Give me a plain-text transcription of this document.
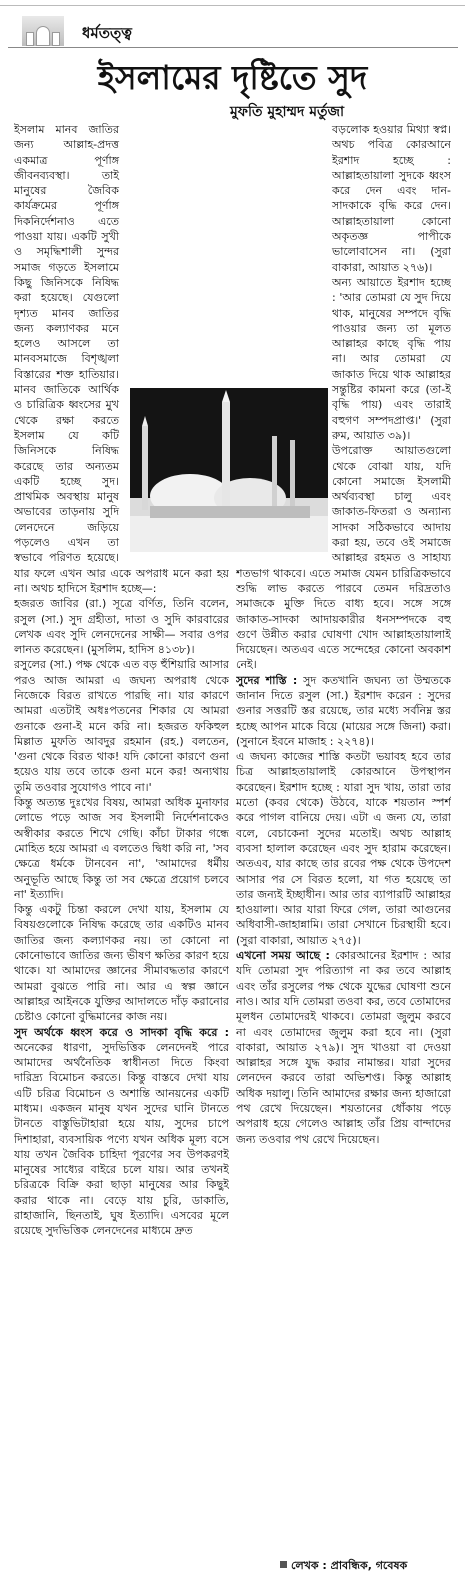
ধর্মতত্ত্ব
ইসলামের দৃষ্টিতে সুদ
মুফতি মুহাম্মদ মর্তুজা

ইসলাম মানব জাতির জন্য আল্লাহ-প্রদত্ত একমাত্র পূর্ণাঙ্গ জীবনব্যবস্থা। তাই মানুষের জৈবিক কার্যক্রমের পূর্ণাঙ্গ দিকনির্দেশনাও এতে পাওয়া যায়। একটি সুখী ও সমৃদ্ধিশালী সুন্দর সমাজ গড়তে ইসলামে কিছু জিনিসকে নিষিদ্ধ করা হয়েছে। যেগুলো দৃশ্যত মানব জাতির জন্য কল্যাণকর মনে হলেও আসলে তা মানবসমাজে বিশৃঙ্খলা বিস্তারের শক্ত হাতিয়ার। মানব জাতিকে আর্থিক ও চারিত্রিক ধ্বংসের মুখ থেকে রক্ষা করতে ইসলাম যে কটি জিনিসকে নিষিদ্ধ করেছে তার অন্যতম একটি হচ্ছে সুদ। প্রাথমিক অবস্থায় মানুষ অভাবের তাড়নায় সুদি লেনদেনে জড়িয়ে পড়লেও এখন তা স্বভাবে পরিণত হয়েছে। যার ফলে এখন আর একে অপরাধ মনে করা হয় না। অথচ হাদিসে ইরশাদ হচ্ছে—:

হজরত জাবির (রা.) সূত্রে বর্ণিত, তিনি বলেন, রসুল (সা.) সুদ গ্রহীতা, দাতা ও সুদি কারবারের লেখক এবং সুদি লেনদেনের সাক্ষী— সবার ওপর লানত করেছেন। (মুসলিম, হাদিস ৪১৩৮)।

রসুলের (সা.) পক্ষ থেকে এত বড় হুঁশিয়ারি আসার পরও আজ আমরা এ জঘন্য অপরাধ থেকে নিজেকে বিরত রাখতে পারছি না। যার কারণে আমরা এতটাই অধঃপতনের শিকার যে আমরা গুনাকে গুনা-ই মনে করি না। হজরত ফকিহুল মিল্লাত মুফতি আবদুর রহমান (রহ.) বলতেন, 'গুনা থেকে বিরত থাক! যদি কোনো কারণে গুনা হয়েও যায় তবে তাকে গুনা মনে কর! অন্যথায় তুমি তওবার সুযোগও পাবে না।'

কিন্তু অত্যন্ত দুঃখের বিষয়, আমরা অধিক মুনাফার লোভে পড়ে আজ সব ইসলামী নির্দেশনাকেও অস্বীকার করতে শিখে গেছি। কাঁচা টাকার গন্ধে মোহিত হয়ে আমরা এ বলতেও দ্বিধা করি না, 'সব ক্ষেত্রে ধর্মকে টানবেন না', 'আমাদের ধর্মীয় অনুভূতি আছে কিন্তু তা সব ক্ষেত্রে প্রয়োগ চলবে না' ইত্যাদি।

কিন্তু একটু চিন্তা করলে দেখা যায়, ইসলাম যে বিষয়গুলোকে নিষিদ্ধ করেছে তার একটিও মানব জাতির জন্য কল্যাণকর নয়। তা কোনো না কোনোভাবে জাতির জন্য ভীষণ ক্ষতির কারণ হয়ে থাকে। যা আমাদের জ্ঞানের সীমাবদ্ধতার কারণে আমরা বুঝতে পারি না। আর এ স্বল্প জ্ঞানে আল্লাহর আইনকে যুক্তির আদালতে দাঁড় করানোর চেষ্টাও কোনো বুদ্ধিমানের কাজ নয়।

সুদ অর্থকে ধ্বংস করে ও সাদকা বৃদ্ধি করে : অনেকের ধারণা, সুদভিত্তিক লেনদেনই পারে আমাদের অর্থনৈতিক স্বাধীনতা দিতে কিংবা দারিদ্র্য বিমোচন করতে। কিন্তু বাস্তবে দেখা যায় এটি চরিত্র বিমোচন ও অশান্তি আনয়নের একটি মাধ্যম। একজন মানুষ যখন সুদের ঘানি টানতে টানতে বাস্তুভিটাহারা হয়ে যায়, সুদের চাপে দিশাহারা, ব্যবসায়িক পণ্যে যখন অধিক মূল্য বসে যায় তখন জৈবিক চাহিদা পূরণের সব উপকরণই মানুষের সাধ্যের বাইরে চলে যায়। আর তখনই চরিত্রকে বিক্রি করা ছাড়া মানুষের আর কিছুই করার থাকে না। বেড়ে যায় চুরি, ডাকাতি, রাহাজানি, ছিনতাই, ঘুষ ইত্যাদি। এসবের মূলে রয়েছে সুদভিত্তিক লেনদেনের মাধ্যমে দ্রুত

বড়লোক হওয়ার মিথ্যা স্বপ্ন। অথচ পবিত্র কোরআনে ইরশাদ হচ্ছে : আল্লাহতায়ালা সুদকে ধ্বংস করে দেন এবং দান-সাদকাকে বৃদ্ধি করে দেন। আল্লাহতায়ালা কোনো অকৃতজ্ঞ পাপীকে ভালোবাসেন না। (সুরা বাকারা, আয়াত ২৭৬)।

অন্য আয়াতে ইরশাদ হচ্ছে : 'আর তোমরা যে সুদ দিয়ে থাক, মানুষের সম্পদে বৃদ্ধি পাওয়ার জন্য তা মূলত আল্লাহর কাছে বৃদ্ধি পায় না। আর তোমরা যে জাকাত দিয়ে থাক আল্লাহর সন্তুষ্টির কামনা করে (তা-ই বৃদ্ধি পায়) এবং তারাই বহুগণ সম্পদপ্রাপ্ত।' (সুরা রুম, আয়াত ৩৯)।

উপরোক্ত আয়াতগুলো থেকে বোঝা যায়, যদি কোনো সমাজে ইসলামী অর্থব্যবস্থা চালু এবং জাকাত-ফিতরা ও অন্যান্য সাদকা সঠিকভাবে আদায় করা হয়, তবে ওই সমাজে আল্লাহর রহমত ও সাহায্য শতভাগ থাকবে। এতে সমাজ যেমন চারিত্রিকভাবে শুদ্ধি লাভ করতে পারবে তেমন দরিদ্রতাও সমাজকে মুক্তি দিতে বাধ্য হবে। সঙ্গে সঙ্গে জাকাত-সাদকা আদায়কারীর ধনসম্পদকে বহু গুণে উন্নীত করার ঘোষণা খোদ আল্লাহতায়ালাই দিয়েছেন। অতএব এতে সন্দেহের কোনো অবকাশ নেই।

সুদের শাস্তি : সুদ কতখানি জঘন্য তা উম্মতকে জানান দিতে রসুল (সা.) ইরশাদ করেন : সুদের গুনার সত্তরটি স্তর রয়েছে, তার মধ্যে সর্বনিম্ন স্তর হচ্ছে আপন মাকে বিয়ে (মায়ের সঙ্গে জিনা) করা। (সুনানে ইবনে মাজাহ : ২২৭৪)।

এ জঘন্য কাজের শাস্তি কতটা ভয়াবহ হবে তার চিত্র আল্লাহতায়ালাই কোরআনে উপস্থাপন করেছেন। ইরশাদ হচ্ছে : যারা সুদ খায়, তারা তার মতো (কবর থেকে) উঠবে, যাকে শয়তান স্পর্শ করে পাগল বানিয়ে দেয়। এটা এ জন্য যে, তারা বলে, বেচাকেনা সুদের মতোই। অথচ আল্লাহ ব্যবসা হালাল করেছেন এবং সুদ হারাম করেছেন। অতএব, যার কাছে তার রবের পক্ষ থেকে উপদেশ আসার পর সে বিরত হলো, যা গত হয়েছে তা তার জন্যই ইচ্ছাধীন। আর তার ব্যাপারটি আল্লাহর হাওয়ালা। আর যারা ফিরে গেল, তারা আগুনের অধিবাসী-জাহান্নামি। তারা সেখানে চিরস্থায়ী হবে। (সুরা বাকারা, আয়াত ২৭৫)।

এখনো সময় আছে : কোরআনের ইরশাদ : আর যদি তোমরা সুদ পরিত্যাগ না কর তবে আল্লাহ এবং তাঁর রসুলের পক্ষ থেকে যুদ্ধের ঘোষণা শুনে নাও। আর যদি তোমরা তওবা কর, তবে তোমাদের মূলধন তোমাদেরই থাকবে। তোমরা জুলুম করবে না এবং তোমাদের জুলুম করা হবে না। (সুরা বাকারা, আয়াত ২৭৯)। সুদ খাওয়া বা দেওয়া আল্লাহর সঙ্গে যুদ্ধ করার নামান্তর। যারা সুদের লেনদেন করবে তারা অভিশপ্ত। কিন্তু আল্লাহ অধিক দয়ালু। তিনি আমাদের রক্ষার জন্য হাজারো পথ রেখে দিয়েছেন। শয়তানের ধোঁকায় পড়ে অপরাধ হয়ে গেলেও আল্লাহ তাঁর প্রিয় বান্দাদের জন্য তওবার পথ রেখে দিয়েছেন।

লেখক : প্রাবন্ধিক, গবেষক
